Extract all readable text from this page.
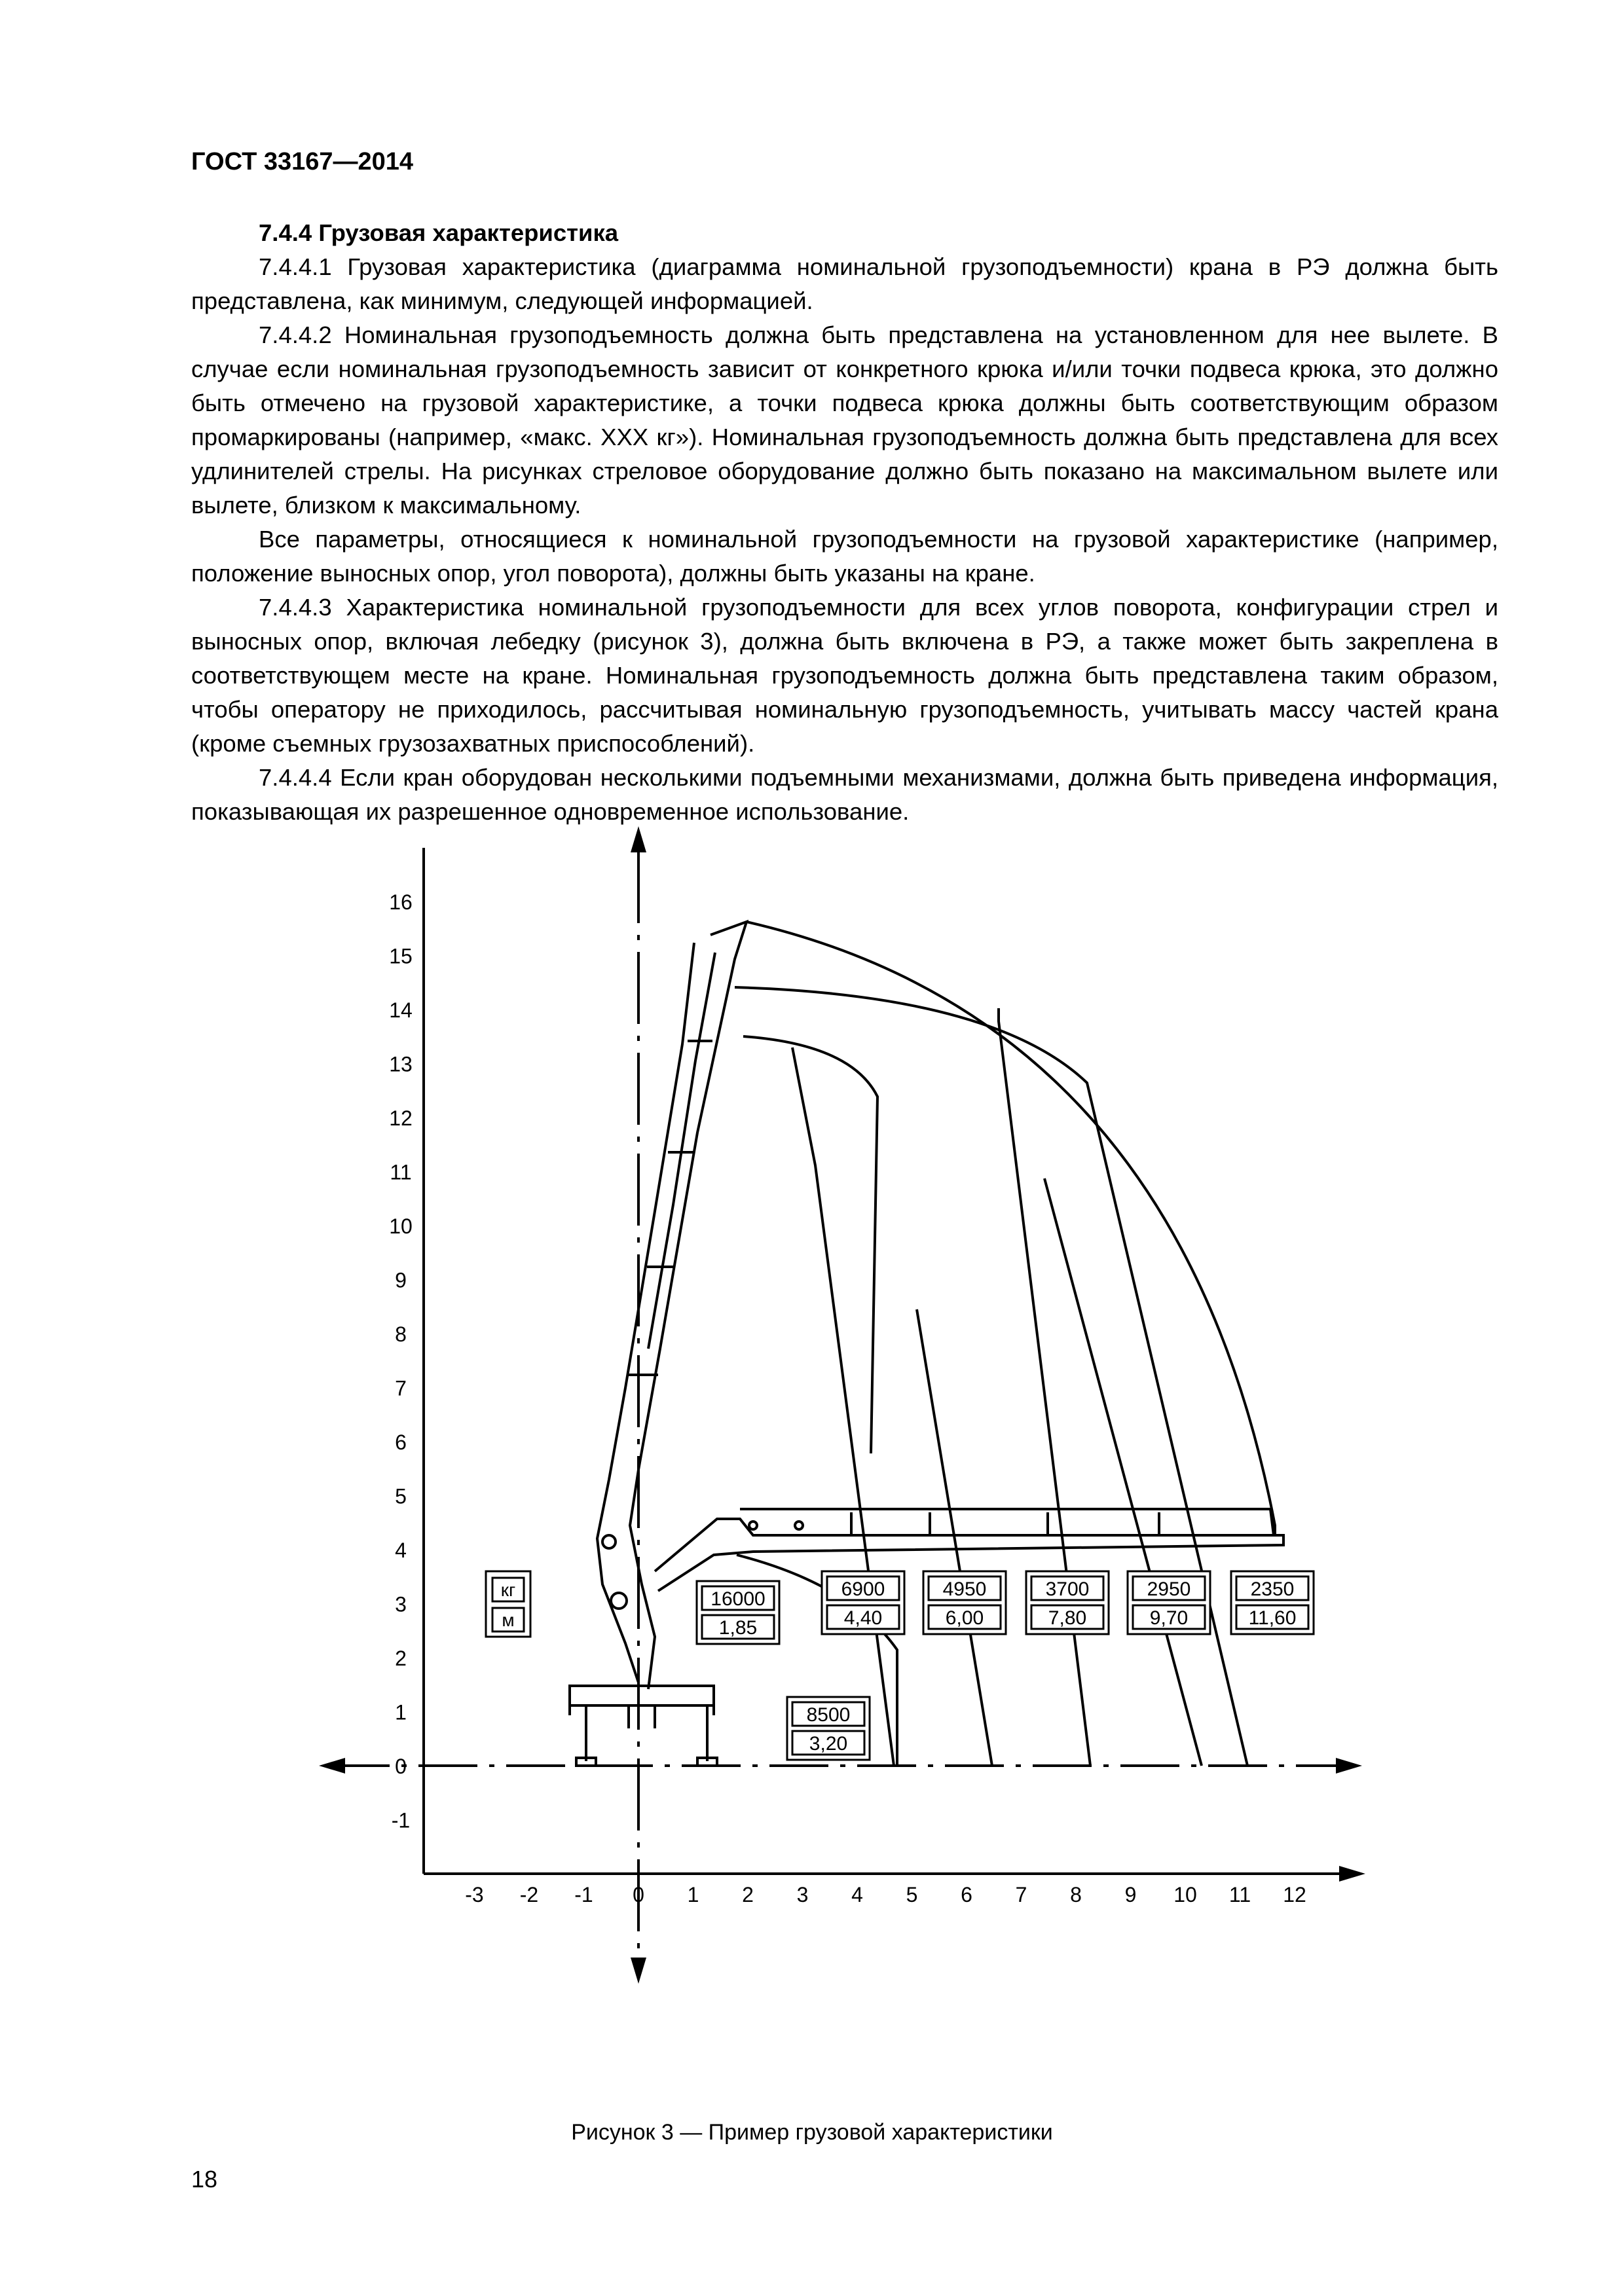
ГОСТ 33167—2014

7.4.4 Грузовая характеристика

7.4.4.1 Грузовая характеристика (диаграмма номинальной грузоподъемности) крана в РЭ должна быть представлена, как минимум, следующей информацией.

7.4.4.2 Номинальная грузоподъемность должна быть представлена на установленном для нее вылете. В случае если номинальная грузоподъемность зависит от конкретного крюка и/или точки подвеса крюка, это должно быть отмечено на грузовой характеристике, а точки подвеса крюка должны быть соответствующим образом промаркированы (например, «макс. XXX кг»). Номинальная грузоподъемность должна быть представлена для всех удлинителей стрелы. На рисунках стреловое оборудование должно быть показано на максимальном вылете или вылете, близком к максимальному.

Все параметры, относящиеся к номинальной грузоподъемности на грузовой характеристике (например, положение выносных опор, угол поворота), должны быть указаны на кране.

7.4.4.3 Характеристика номинальной грузоподъемности для всех углов поворота, конфигурации стрел и выносных опор, включая лебедку (рисунок 3), должна быть включена в РЭ, а также может быть закреплена в соответствующем месте на кране. Номинальная грузоподъемность должна быть представлена таким образом, чтобы оператору не приходилось, рассчитывая номинальную грузоподъемность, учитывать массу частей крана (кроме съемных грузозахватных приспособлений).

7.4.4.4 Если кран оборудован несколькими подъемными механизмами, должна быть приведена информация, показывающая их разрешенное одновременное использование.

кг
м
16
15
14
13
12
11
10
9
8
7
6
5
4
3
2
1
0
-1
-3 -2 -1 0 1 2 3 4 5 6 7 8 9 10 11 12
16000
1,85
8500
3,20
6900
4,40
4950
6,00
3700
7,80
2950
9,70
2350
11,60
Рисунок 3 — Пример грузовой характеристики
18
